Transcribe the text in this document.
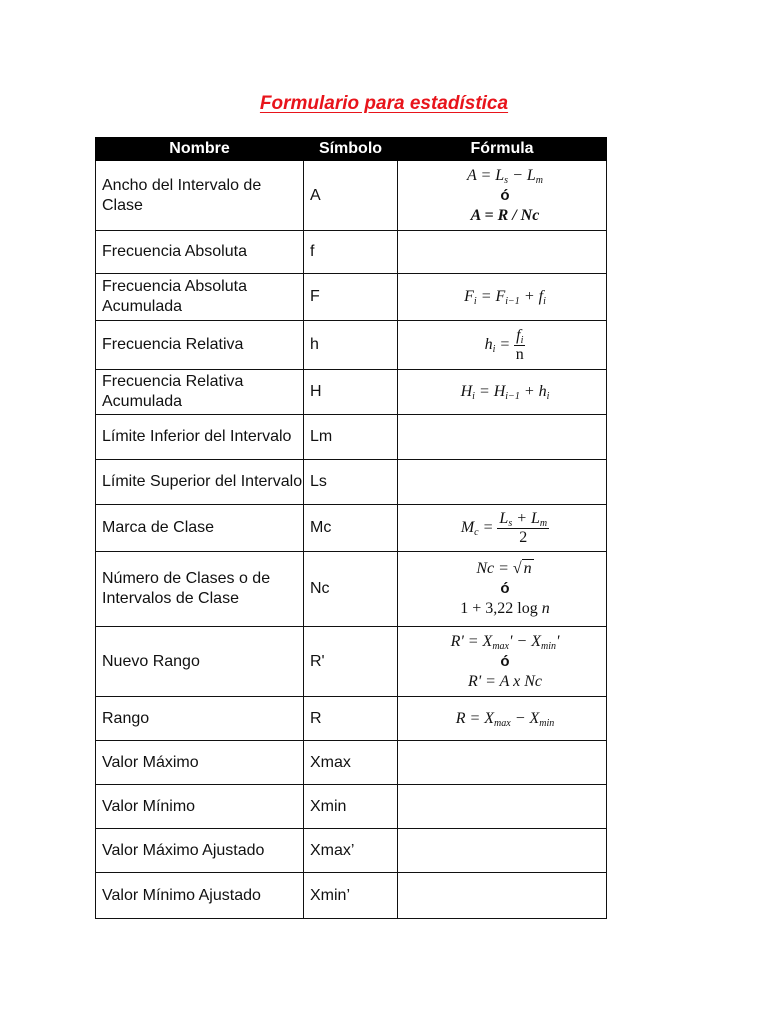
Formulario para estadística
Nombre	Símbolo	Fórmula
Ancho del Intervalo de Clase	A	$A = L_s - L_m$
ó
A = R / Nc

Frecuencia Absoluta	f	
Frecuencia Absoluta Acumulada	F	$F_i = F_{i-1} + f_i$
Frecuencia Relativa	h	$h_i = \frac{f_i}{n}$

Frecuencia Relativa Acumulada	H	$H_i = H_{i-1} + h_i$
Límite Inferior del Intervalo	Lm	
Límite Superior del Intervalo	Ls	
Marca de Clase	Mc	$M_c = \frac{L_s + L_m}{2}$

Número de Clases o de Intervalos de Clase	Nc	Nc = √ n
ó
1 + 3,22 log n

Nuevo Rango	R'	$R' = X_{max}' - X_{min}'$
ó
R' = A x Nc

Rango	R	$R = X_{max} - X_{min}$
Valor Máximo	Xmax	
Valor Mínimo	Xmin	
Valor Máximo Ajustado	Xmax’	
Valor Mínimo Ajustado	Xmin’	
